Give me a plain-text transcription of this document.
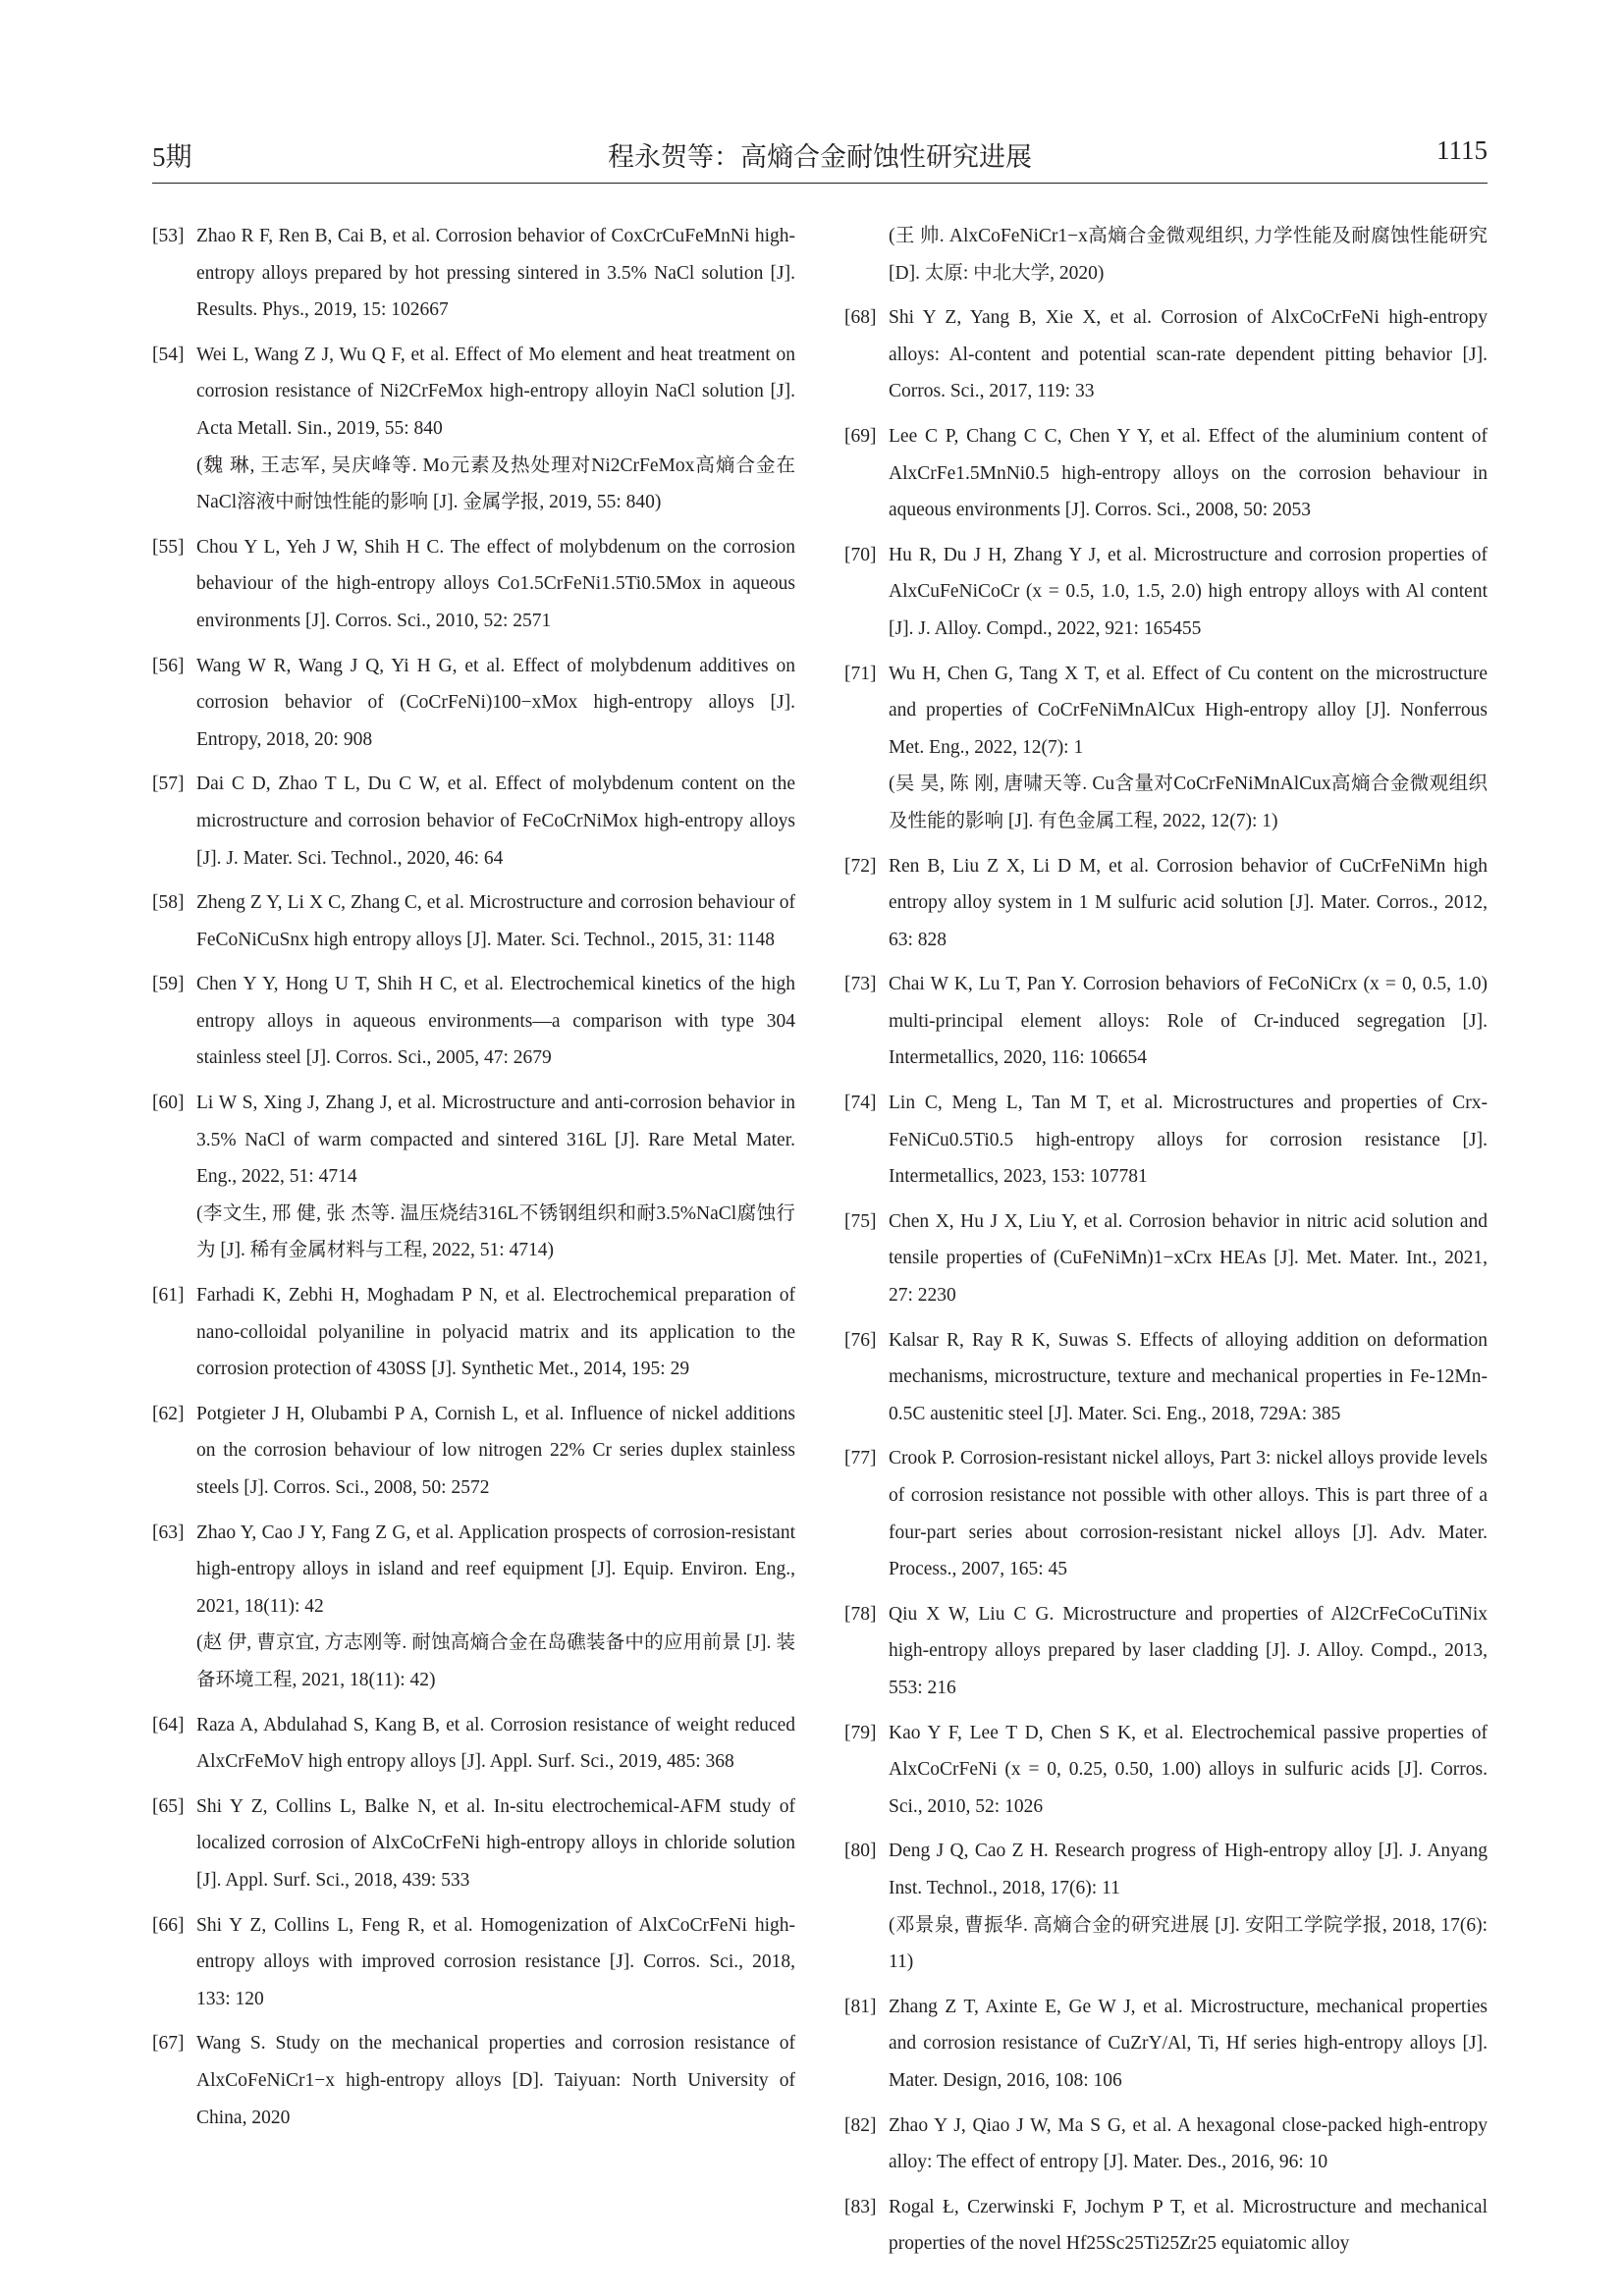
5期	程永贺等：高熵合金耐蚀性研究进展	1115
[53] Zhao R F, Ren B, Cai B, et al. Corrosion behavior of CoxCrCuFeMnNi high-entropy alloys prepared by hot pressing sintered in 3.5% NaCl solution [J]. Results. Phys., 2019, 15: 102667
[54] Wei L, Wang Z J, Wu Q F, et al. Effect of Mo element and heat treatment on corrosion resistance of Ni2CrFeMox high-entropy alloyin NaCl solution [J]. Acta Metall. Sin., 2019, 55: 840
(魏 琳, 王志军, 吴庆峰等. Mo元素及热处理对Ni2CrFeMox高熵合金在NaCl溶液中耐蚀性能的影响 [J]. 金属学报, 2019, 55: 840)
[55] Chou Y L, Yeh J W, Shih H C. The effect of molybdenum on the corrosion behaviour of the high-entropy alloys Co1.5CrFeNi1.5Ti0.5Mox in aqueous environments [J]. Corros. Sci., 2010, 52: 2571
[56] Wang W R, Wang J Q, Yi H G, et al. Effect of molybdenum additives on corrosion behavior of (CoCrFeNi)100−xMox high-entropy alloys [J]. Entropy, 2018, 20: 908
[57] Dai C D, Zhao T L, Du C W, et al. Effect of molybdenum content on the microstructure and corrosion behavior of FeCoCrNiMox high-entropy alloys [J]. J. Mater. Sci. Technol., 2020, 46: 64
[58] Zheng Z Y, Li X C, Zhang C, et al. Microstructure and corrosion behaviour of FeCoNiCuSnx high entropy alloys [J]. Mater. Sci. Technol., 2015, 31: 1148
[59] Chen Y Y, Hong U T, Shih H C, et al. Electrochemical kinetics of the high entropy alloys in aqueous environments—a comparison with type 304 stainless steel [J]. Corros. Sci., 2005, 47: 2679
[60] Li W S, Xing J, Zhang J, et al. Microstructure and anti-corrosion behavior in 3.5% NaCl of warm compacted and sintered 316L [J]. Rare Metal Mater. Eng., 2022, 51: 4714
(李文生, 邢 健, 张 杰等. 温压烧结316L不锈钢组织和耐3.5%NaCl腐蚀行为 [J]. 稀有金属材料与工程, 2022, 51: 4714)
[61] Farhadi K, Zebhi H, Moghadam P N, et al. Electrochemical preparation of nano-colloidal polyaniline in polyacid matrix and its application to the corrosion protection of 430SS [J]. Synthetic Met., 2014, 195: 29
[62] Potgieter J H, Olubambi P A, Cornish L, et al. Influence of nickel additions on the corrosion behaviour of low nitrogen 22% Cr series duplex stainless steels [J]. Corros. Sci., 2008, 50: 2572
[63] Zhao Y, Cao J Y, Fang Z G, et al. Application prospects of corrosion-resistant high-entropy alloys in island and reef equipment [J]. Equip. Environ. Eng., 2021, 18(11): 42
(赵 伊, 曹京宜, 方志刚等. 耐蚀高熵合金在岛礁装备中的应用前景 [J]. 装备环境工程, 2021, 18(11): 42)
[64] Raza A, Abdulahad S, Kang B, et al. Corrosion resistance of weight reduced AlxCrFeMoV high entropy alloys [J]. Appl. Surf. Sci., 2019, 485: 368
[65] Shi Y Z, Collins L, Balke N, et al. In-situ electrochemical-AFM study of localized corrosion of AlxCoCrFeNi high-entropy alloys in chloride solution [J]. Appl. Surf. Sci., 2018, 439: 533
[66] Shi Y Z, Collins L, Feng R, et al. Homogenization of AlxCoCrFeNi high-entropy alloys with improved corrosion resistance [J]. Corros. Sci., 2018, 133: 120
[67] Wang S. Study on the mechanical properties and corrosion resistance of AlxCoFeNiCr1−x high-entropy alloys [D]. Taiyuan: North University of China, 2020
(王 帅. AlxCoFeNiCr1−x高熵合金微观组织, 力学性能及耐腐蚀性能研究 [D]. 太原: 中北大学, 2020)
[68] Shi Y Z, Yang B, Xie X, et al. Corrosion of AlxCoCrFeNi high-entropy alloys: Al-content and potential scan-rate dependent pitting behavior [J]. Corros. Sci., 2017, 119: 33
[69] Lee C P, Chang C C, Chen Y Y, et al. Effect of the aluminium content of AlxCrFe1.5MnNi0.5 high-entropy alloys on the corrosion behaviour in aqueous environments [J]. Corros. Sci., 2008, 50: 2053
[70] Hu R, Du J H, Zhang Y J, et al. Microstructure and corrosion properties of AlxCuFeNiCoCr (x = 0.5, 1.0, 1.5, 2.0) high entropy alloys with Al content [J]. J. Alloy. Compd., 2022, 921: 165455
[71] Wu H, Chen G, Tang X T, et al. Effect of Cu content on the microstructure and properties of CoCrFeNiMnAlCux High-entropy alloy [J]. Nonferrous Met. Eng., 2022, 12(7): 1
(吴 昊, 陈 刚, 唐啸天等. Cu含量对CoCrFeNiMnAlCux高熵合金微观组织及性能的影响 [J]. 有色金属工程, 2022, 12(7): 1)
[72] Ren B, Liu Z X, Li D M, et al. Corrosion behavior of CuCrFeNiMn high entropy alloy system in 1 M sulfuric acid solution [J]. Mater. Corros., 2012, 63: 828
[73] Chai W K, Lu T, Pan Y. Corrosion behaviors of FeCoNiCrx (x = 0, 0.5, 1.0) multi-principal element alloys: Role of Cr-induced segregation [J]. Intermetallics, 2020, 116: 106654
[74] Lin C, Meng L, Tan M T, et al. Microstructures and properties of Crx-FeNiCu0.5Ti0.5 high-entropy alloys for corrosion resistance [J]. Intermetallics, 2023, 153: 107781
[75] Chen X, Hu J X, Liu Y, et al. Corrosion behavior in nitric acid solution and tensile properties of (CuFeNiMn)1−xCrx HEAs [J]. Met. Mater. Int., 2021, 27: 2230
[76] Kalsar R, Ray R K, Suwas S. Effects of alloying addition on deformation mechanisms, microstructure, texture and mechanical properties in Fe-12Mn-0.5C austenitic steel [J]. Mater. Sci. Eng., 2018, 729A: 385
[77] Crook P. Corrosion-resistant nickel alloys, Part 3: nickel alloys provide levels of corrosion resistance not possible with other alloys. This is part three of a four-part series about corrosion-resistant nickel alloys [J]. Adv. Mater. Process., 2007, 165: 45
[78] Qiu X W, Liu C G. Microstructure and properties of Al2CrFeCoCuTiNix high-entropy alloys prepared by laser cladding [J]. J. Alloy. Compd., 2013, 553: 216
[79] Kao Y F, Lee T D, Chen S K, et al. Electrochemical passive properties of AlxCoCrFeNi (x = 0, 0.25, 0.50, 1.00) alloys in sulfuric acids [J]. Corros. Sci., 2010, 52: 1026
[80] Deng J Q, Cao Z H. Research progress of High-entropy alloy [J]. J. Anyang Inst. Technol., 2018, 17(6): 11
(邓景泉, 曹振华. 高熵合金的研究进展 [J]. 安阳工学院学报, 2018, 17(6): 11)
[81] Zhang Z T, Axinte E, Ge W J, et al. Microstructure, mechanical properties and corrosion resistance of CuZrY/Al, Ti, Hf series high-entropy alloys [J]. Mater. Design, 2016, 108: 106
[82] Zhao Y J, Qiao J W, Ma S G, et al. A hexagonal close-packed high-entropy alloy: The effect of entropy [J]. Mater. Des., 2016, 96: 10
[83] Rogal Ł, Czerwinski F, Jochym P T, et al. Microstructure and mechanical properties of the novel Hf25Sc25Ti25Zr25 equiatomic alloy
